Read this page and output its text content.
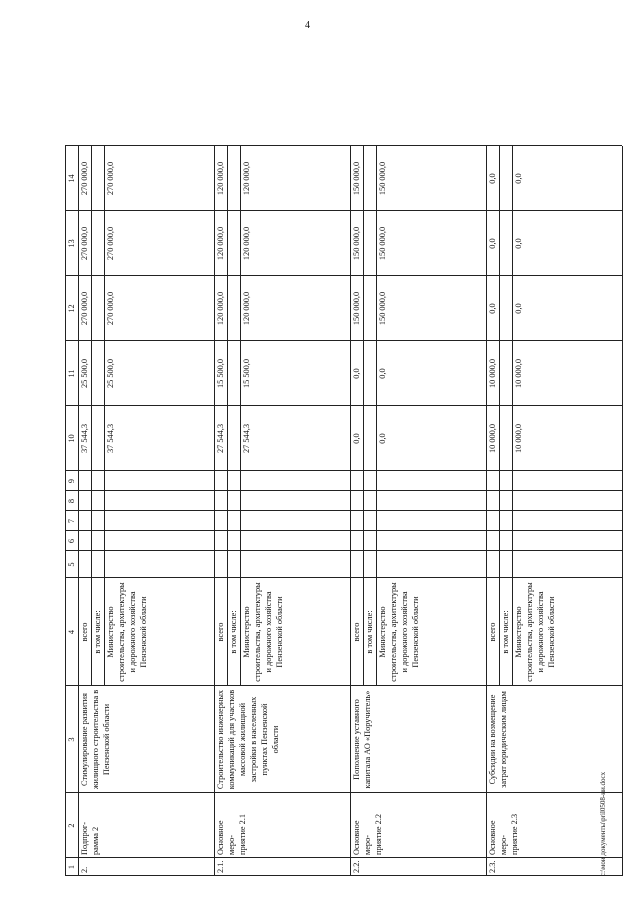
4
1
2
3
4
5
6
7
8
9
10
11
12
13
14
2.
Подпрог-
рамма 2
Стимулирование развития жилищного строительства в Пензенской области
всего
37 544,3
25 500,0
270 000,0
270 000,0
270 000,0
в том числе: Министерство строительства, архитектуры и дорожного хозяйства Пензенской области
37 544,3
25 500,0
270 000,0
270 000,0
270 000,0
2.1.
Основное
меро-
приятие 2.1
Строительство инженерных коммуникаций для участков массовой жилищной застройки в населенных пунктах Пензенской области
всего
27 544,3
15 500,0
120 000,0
120 000,0
120 000,0
в том числе: Министерство строительства, архитектуры и дорожного хозяйства Пензенской области
27 544,3
15 500,0
120 000,0
120 000,0
120 000,0
2.2.
Основное
меро-
приятие 2.2
Пополнение уставного капитала АО «Поручитель»
всего
0,0
0,0
150 000,0
150 000,0
150 000,0
в том числе: Министерство строительства, архитектуры и дорожного хозяйства Пензенской области
0,0
0,0
150 000,0
150 000,0
150 000,0
2.3.
Основное
меро-
приятие 2.3
Субсидии на возмещение затрат юридическим лицам
всего
10 000,0
10 000,0
0,0
0,0
0,0
в том числе: Министерство строительства, архитектуры и дорожного хозяйства Пензенской области
10 000,0
10 000,0
0,0
0,0
0,0
c:\мои документы\pril0508-ии.docx
